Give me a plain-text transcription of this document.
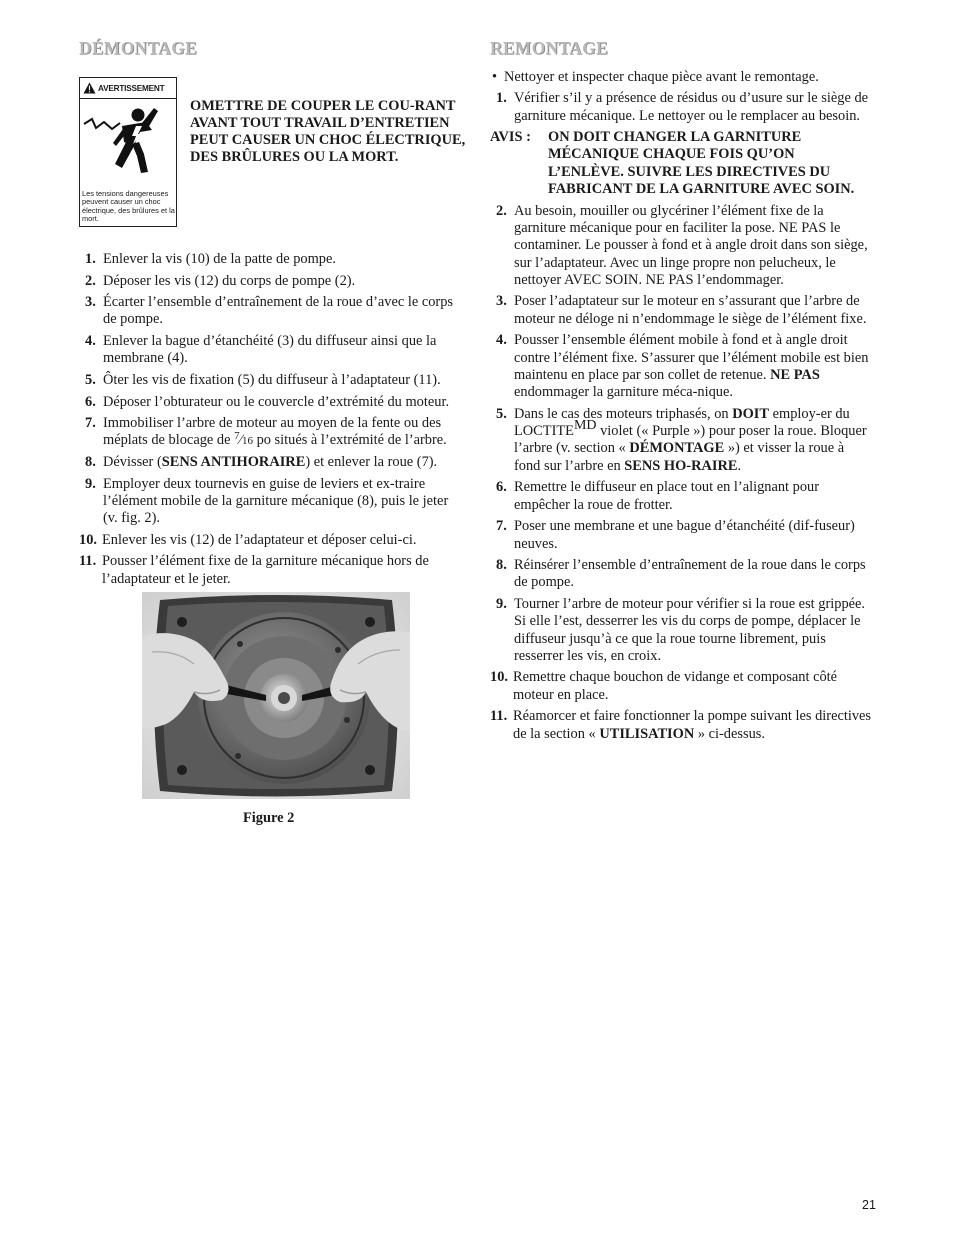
DÉMONTAGE
AVERTISSEMENT
Les tensions dangereuses peuvent causer un choc électrique, des brûlures et la mort.
OMETTRE DE COUPER LE COU-RANT AVANT TOUT TRAVAIL D’ENTRETIEN PEUT CAUSER UN CHOC ÉLECTRIQUE, DES BRÛLURES OU LA MORT.
1. Enlever la vis (10) de la patte de pompe.
2. Déposer les vis (12) du corps de pompe (2).
3. Écarter l’ensemble d’entraînement de la roue d’avec le corps de pompe.
4. Enlever la bague d’étanchéité (3) du diffuseur ainsi que la membrane (4).
5. Ôter les vis de fixation (5) du diffuseur à l’adaptateur (11).
6. Déposer l’obturateur ou le couvercle d’extrémité du moteur.
7. Immobiliser l’arbre de moteur au moyen de la fente ou des méplats de blocage de $^7$⁄16 po situés à l’extrémité de l’arbre.
8. Dévisser (SENS ANTIHORAIRE) et enlever la roue (7).
9. Employer deux tournevis en guise de leviers et ex-traire l’élément mobile de la garniture mécanique (8), puis le jeter (v. fig. 2).
10. Enlever les vis (12) de l’adaptateur et déposer celui-ci.
11. Pousser l’élément fixe de la garniture mécanique hors de l’adaptateur et le jeter.
Figure 2
REMONTAGE
• Nettoyer et inspecter chaque pièce avant le remontage.
1. Vérifier s’il y a présence de résidus ou d’usure sur le siège de garniture mécanique. Le nettoyer ou le remplacer au besoin.
AVIS : ON DOIT CHANGER LA GARNITURE MÉCANIQUE CHAQUE FOIS QU’ON L’ENLÈVE. SUIVRE LES DIRECTIVES DU FABRICANT DE LA GARNITURE AVEC SOIN.
2. Au besoin, mouiller ou glycériner l’élément fixe de la garniture mécanique pour en faciliter la pose. NE PAS le contaminer. Le pousser à fond et à angle droit dans son siège, sur l’adaptateur. Avec un linge propre non pelucheux, le nettoyer AVEC SOIN. NE PAS l’endommager.
3. Poser l’adaptateur sur le moteur en s’assurant que l’arbre de moteur ne déloge ni n’endommage le siège de l’élément fixe.
4. Pousser l’ensemble élément mobile à fond et à angle droit contre l’élément fixe. S’assurer que l’élément mobile est bien maintenu en place par son collet de retenue. NE PAS endommager la garniture méca-nique.
5. Dans le cas des moteurs triphasés, on DOIT employ-er du $LOCTITE^{MD}$ violet (« Purple ») pour poser la roue. Bloquer l’arbre (v. section « DÉMONTAGE ») et visser la roue à fond sur l’arbre en SENS HO-RAIRE.
6. Remettre le diffuseur en place tout en l’alignant pour empêcher la roue de frotter.
7. Poser une membrane et une bague d’étanchéité (dif-fuseur) neuves.
8. Réinsérer l’ensemble d’entraînement de la roue dans le corps de pompe.
9. Tourner l’arbre de moteur pour vérifier si la roue est grippée. Si elle l’est, desserrer les vis du corps de pompe, déplacer le diffuseur jusqu’à ce que la roue tourne librement, puis resserrer les vis, en croix.
10. Remettre chaque bouchon de vidange et composant côté moteur en place.
11. Réamorcer et faire fonctionner la pompe suivant les directives de la section « UTILISATION » ci-dessus.
21
